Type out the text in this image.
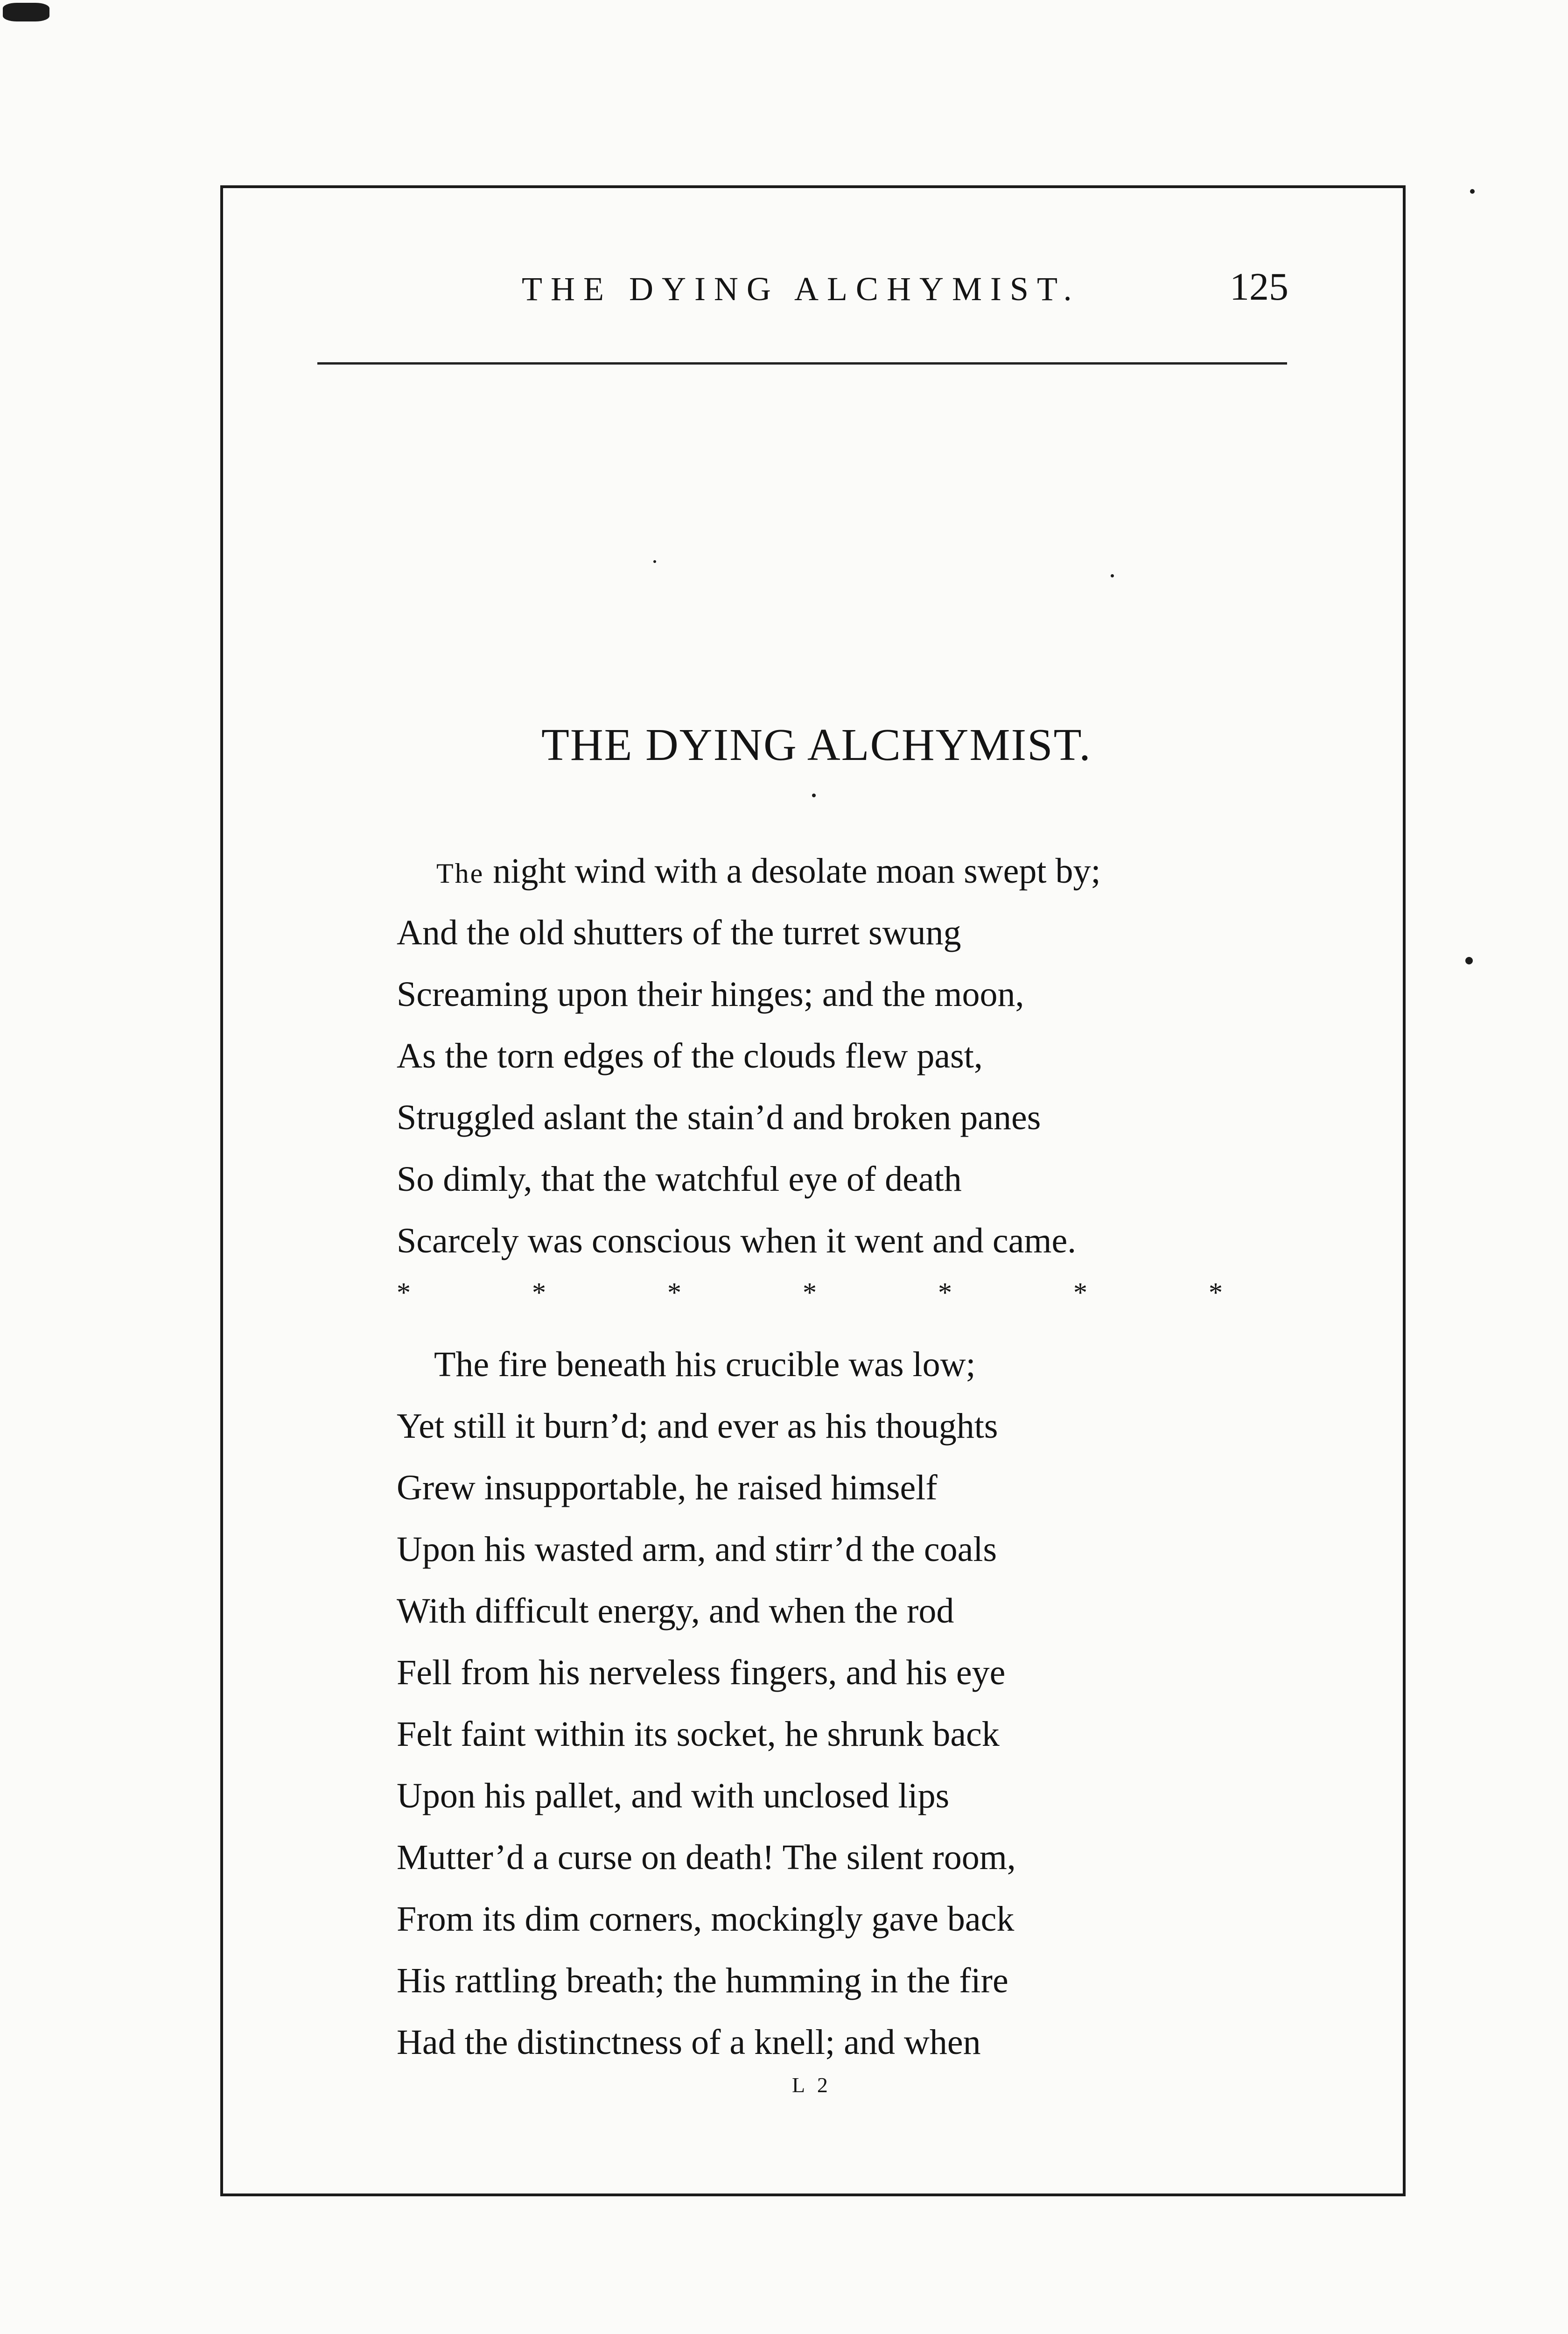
THE DYING ALCHYMIST.	125
THE DYING ALCHYMIST.
The night wind with a desolate moan swept by;
And the old shutters of the turret swung
Screaming upon their hinges; and the moon,
As the torn edges of the clouds flew past,
Struggled aslant the stain’d and broken panes
So dimly, that the watchful eye of death
Scarcely was conscious when it went and came.
*	*	*	*	*	*	*
The fire beneath his crucible was low;
Yet still it burn’d; and ever as his thoughts
Grew insupportable, he raised himself
Upon his wasted arm, and stirr’d the coals
With difficult energy, and when the rod
Fell from his nerveless fingers, and his eye
Felt faint within its socket, he shrunk back
Upon his pallet, and with unclosed lips
Mutter’d a curse on death! The silent room,
From its dim corners, mockingly gave back
His rattling breath; the humming in the fire
Had the distinctness of a knell; and when
L 2
